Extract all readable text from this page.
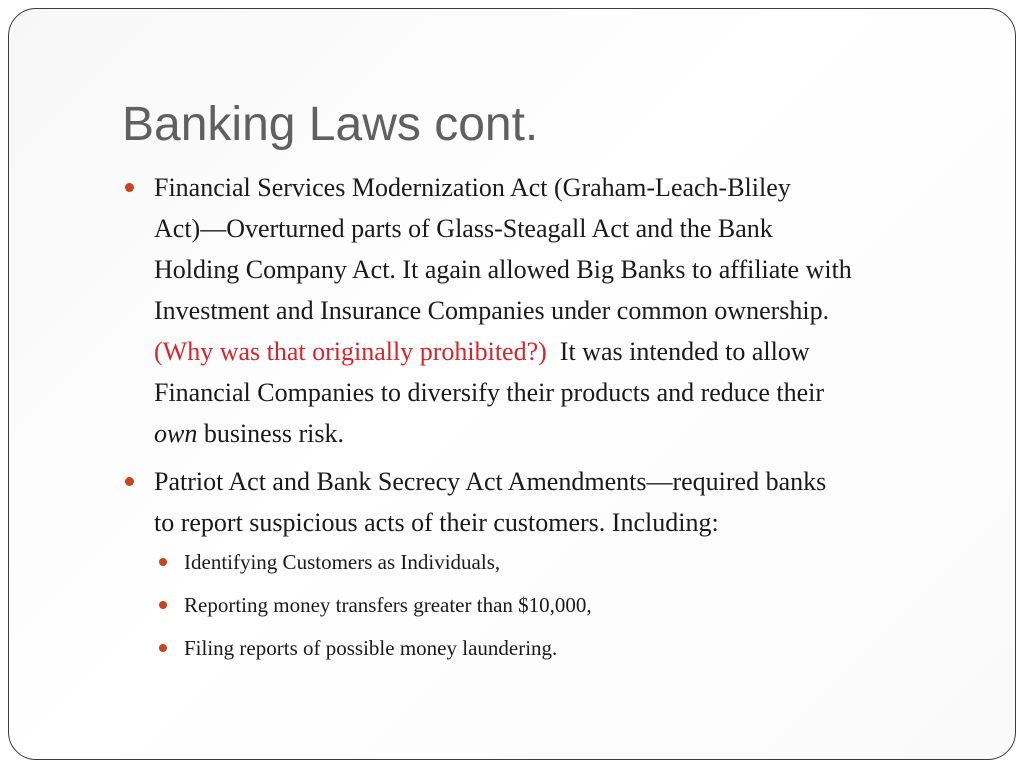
Banking Laws cont.
Financial Services Modernization Act (Graham-Leach-Bliley
Act)—Overturned parts of Glass-Steagall Act and the Bank
Holding Company Act. It again allowed Big Banks to affiliate with
Investment and Insurance Companies under common ownership.
(Why was that originally prohibited?) It was intended to allow
Financial Companies to diversify their products and reduce their
own business risk.
Patriot Act and Bank Secrecy Act Amendments—required banks
to report suspicious acts of their customers. Including:
Identifying Customers as Individuals,
Reporting money transfers greater than $10,000,
Filing reports of possible money laundering.
